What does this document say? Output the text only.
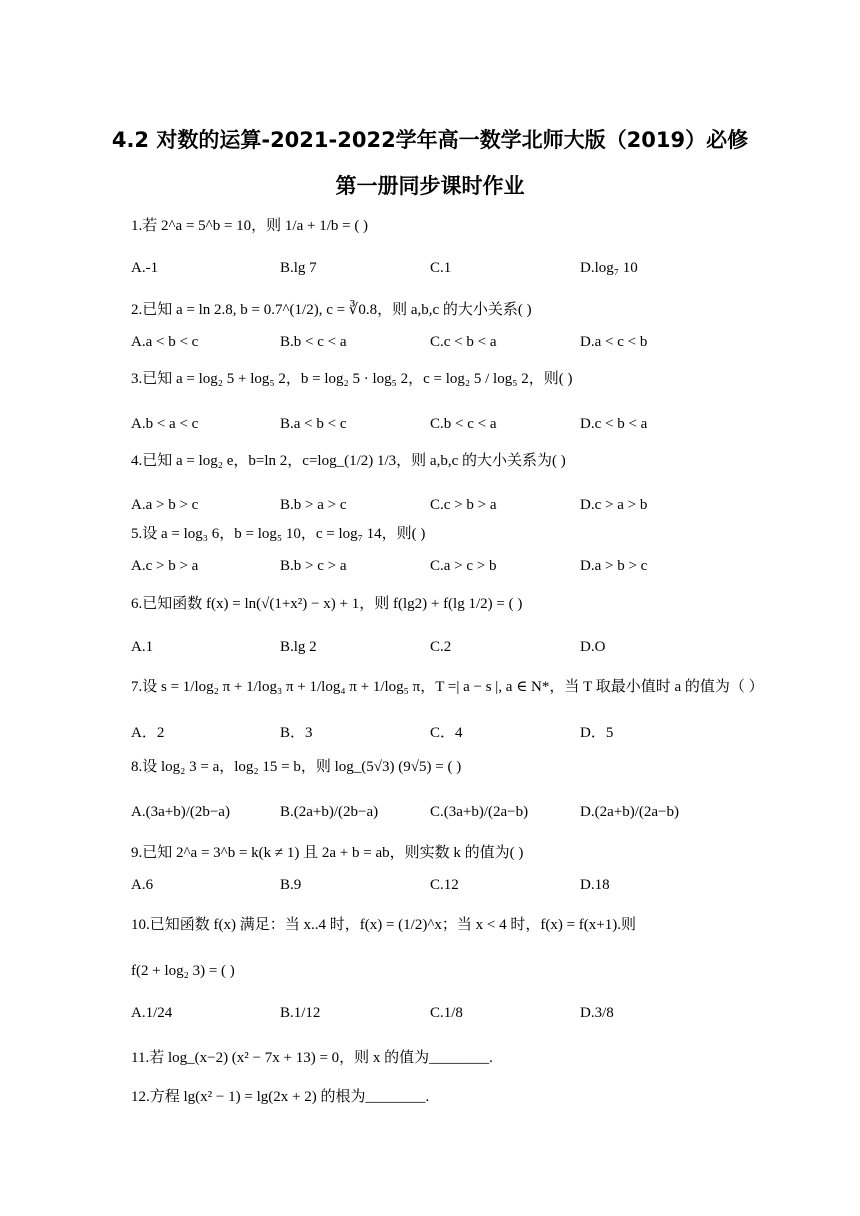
4.2 对数的运算-2021-2022学年高一数学北师大版（2019）必修
第一册同步课时作业
1.若 2^a = 5^b = 10，则 1/a + 1/b = ( )
A.-1	B.lg 7	C.1	D.log₇ 10
2.已知 a = ln 2.8, b = 0.7^(1/2), c = ∛0.8，则 a,b,c 的大小关系( )
A.a < b < c	B.b < c < a	C.c < b < a	D.a < c < b
3.已知 a = log₂ 5 + log₅ 2，b = log₂ 5 · log₅ 2，c = log₂ 5 / log₅ 2，则( )
A.b < a < c	B.a < b < c	C.b < c < a	D.c < b < a
4.已知 a = log₂ e，b=ln 2，c=log_(1/2) 1/3，则 a,b,c 的大小关系为( )
A.a > b > c	B.b > a > c	C.c > b > a	D.c > a > b
5.设 a = log₃ 6，b = log₅ 10，c = log₇ 14，则( )
A.c > b > a	B.b > c > a	C.a > c > b	D.a > b > c
6.已知函数 f(x) = ln(√(1+x²) − x) + 1，则 f(lg2) + f(lg 1/2) = ( )
A.1	B.lg 2	C.2	D.O
7.设 s = 1/log₂ π + 1/log₃ π + 1/log₄ π + 1/log₅ π，T =| a − s |, a ∈ N*，当 T 取最小值时 a 的值为（ ）
A．2	B．3	C．4	D．5
8.设 log₂ 3 = a，log₂ 15 = b，则 log_(5√3) (9√5) = ( )
A.(3a+b)/(2b−a)	B.(2a+b)/(2b−a)	C.(3a+b)/(2a−b)	D.(2a+b)/(2a−b)
9.已知 2^a = 3^b = k(k ≠ 1) 且 2a + b = ab，则实数 k 的值为( )
A.6	B.9	C.12	D.18
10.已知函数 f(x) 满足：当 x..4 时，f(x) = (1/2)^x；当 x < 4 时，f(x) = f(x+1).则
f(2 + log₂ 3) = ( )
A.1/24	B.1/12	C.1/8	D.3/8
11.若 log_(x−2) (x² − 7x + 13) = 0，则 x 的值为________.
12.方程 lg(x² − 1) = lg(2x + 2) 的根为________.
